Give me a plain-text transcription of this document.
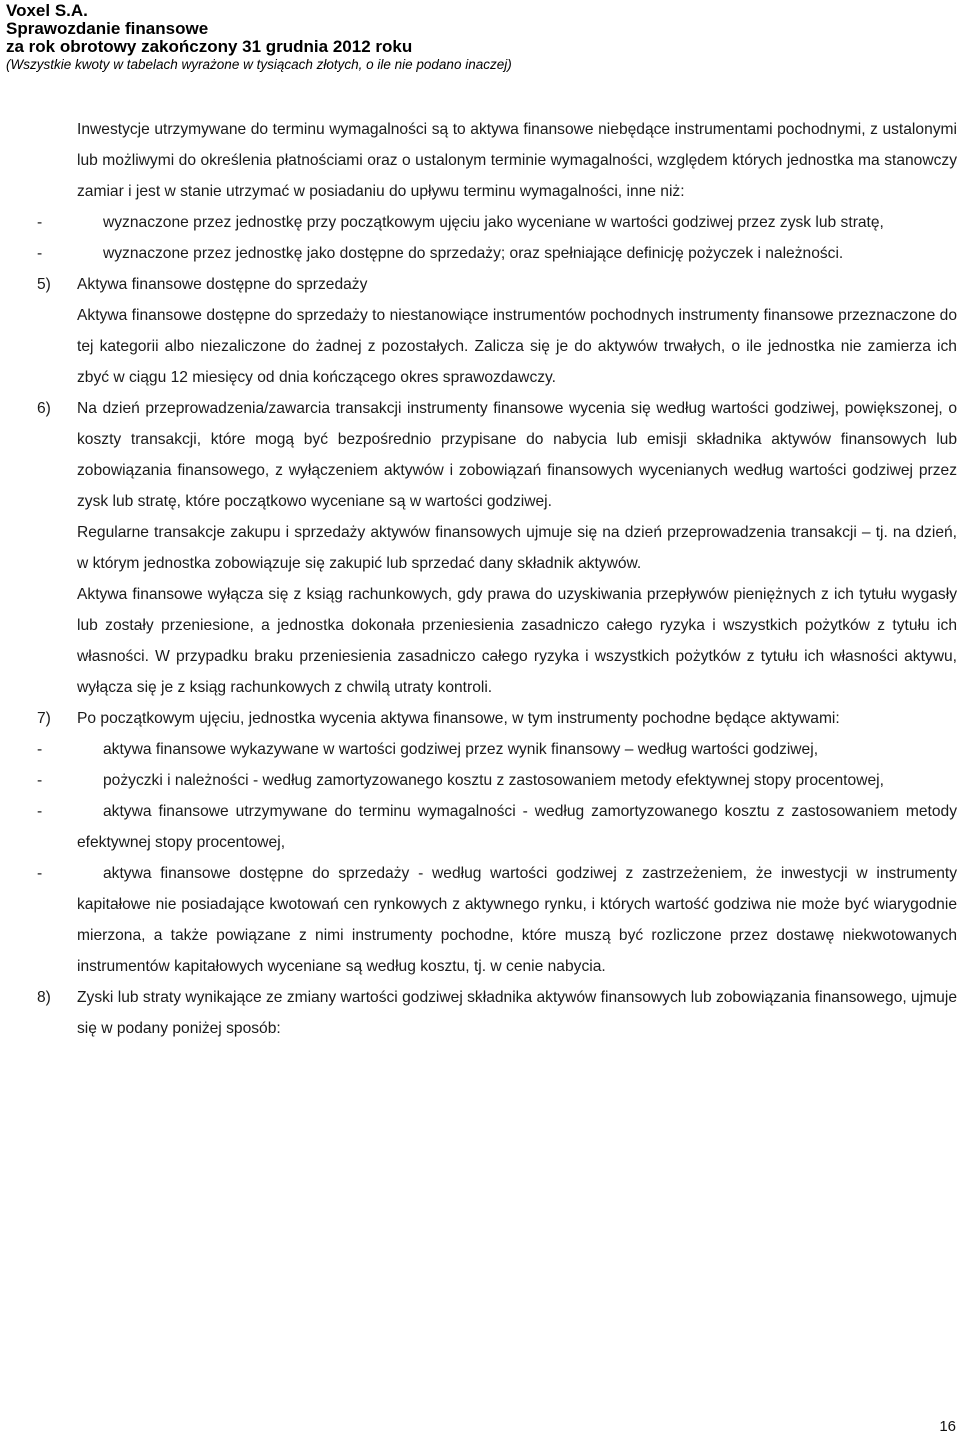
Voxel S.A.
Sprawozdanie finansowe
za rok obrotowy zakończony 31 grudnia 2012 roku
(Wszystkie kwoty w tabelach wyrażone w tysiącach złotych, o ile nie podano inaczej)

Inwestycje utrzymywane do terminu wymagalności są to aktywa finansowe niebędące instrumentami pochodnymi, z ustalonymi lub możliwymi do określenia płatnościami oraz o ustalonym terminie wymagalności, względem których jednostka ma stanowczy zamiar i jest w stanie utrzymać w posiadaniu do upływu terminu wymagalności, inne niż:

-	wyznaczone przez jednostkę przy początkowym ujęciu jako wyceniane w wartości godziwej przez zysk lub stratę,
-	wyznaczone przez jednostkę jako dostępne do sprzedaży; oraz spełniające definicję pożyczek i należności.
5)	Aktywa finansowe dostępne do sprzedaży
Aktywa finansowe dostępne do sprzedaży to niestanowiące instrumentów pochodnych instrumenty finansowe przeznaczone do tej kategorii albo niezaliczone do żadnej z pozostałych. Zalicza się je do aktywów trwałych, o ile jednostka nie zamierza ich zbyć w ciągu 12 miesięcy od dnia kończącego okres sprawozdawczy.
6)	Na dzień przeprowadzenia/zawarcia transakcji instrumenty finansowe wycenia się według wartości godziwej, powiększonej, o koszty transakcji, które mogą być bezpośrednio przypisane do nabycia lub emisji składnika aktywów finansowych lub zobowiązania finansowego, z wyłączeniem aktywów i zobowiązań finansowych wycenianych według wartości godziwej przez zysk lub stratę, które początkowo wyceniane są w wartości godziwej.
Regularne transakcje zakupu i sprzedaży aktywów finansowych ujmuje się na dzień przeprowadzenia transakcji – tj. na dzień, w którym jednostka zobowiązuje się zakupić lub sprzedać dany składnik aktywów.
Aktywa finansowe wyłącza się z ksiąg rachunkowych, gdy prawa do uzyskiwania przepływów pieniężnych z ich tytułu wygasły lub zostały przeniesione, a jednostka dokonała przeniesienia zasadniczo całego ryzyka i wszystkich pożytków z tytułu ich własności. W przypadku braku przeniesienia zasadniczo całego ryzyka i wszystkich pożytków z tytułu ich własności aktywu, wyłącza się je z ksiąg rachunkowych z chwilą utraty kontroli.
7)	Po początkowym ujęciu, jednostka wycenia aktywa finansowe, w tym instrumenty pochodne będące aktywami:
-	aktywa finansowe wykazywane w wartości godziwej przez wynik finansowy – według wartości godziwej,
-	pożyczki i należności - według zamortyzowanego kosztu z zastosowaniem metody efektywnej stopy procentowej,
-	aktywa finansowe utrzymywane do terminu wymagalności - według zamortyzowanego kosztu z zastosowaniem metody efektywnej stopy procentowej,
-	aktywa finansowe dostępne do sprzedaży - według wartości godziwej z zastrzeżeniem, że inwestycji w instrumenty kapitałowe nie posiadające kwotowań cen rynkowych z aktywnego rynku, i których wartość godziwa nie może być wiarygodnie mierzona, a także powiązane z nimi instrumenty pochodne, które muszą być rozliczone przez dostawę niekwotowanych instrumentów kapitałowych wyceniane są według kosztu, tj. w cenie nabycia.
8)	Zyski lub straty wynikające ze zmiany wartości godziwej składnika aktywów finansowych lub zobowiązania finansowego, ujmuje się w podany poniżej sposób:
16
